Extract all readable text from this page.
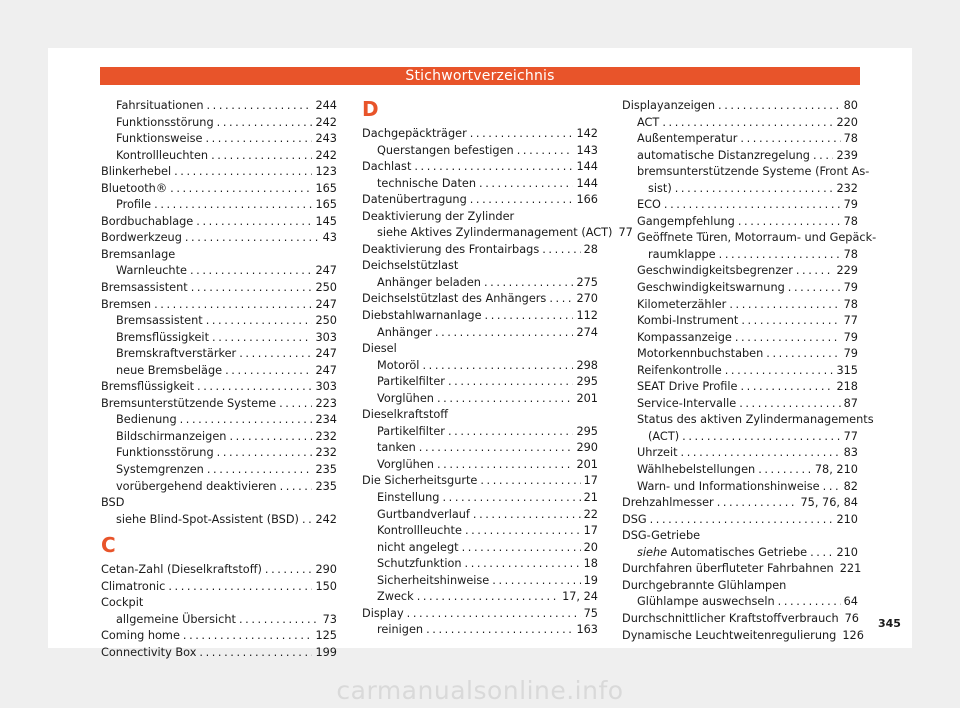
Stichwortverzeichnis
Fahrsituationen . . .	244
Funktionsstörung . . .	242
Funktionsweise . . .	243
Kontrollleuchten . . .	242
Blinkerhebel . . .	123
Bluetooth® . . .	165
Profile . . .	165
Bordbuchablage . . .	145
Bordwerkzeug . . .	43
Bremsanlage
Warnleuchte . . .	247
Bremsassistent . . .	250
Bremsen . . .	247
Bremsassistent . . .	250
Bremsflüssigkeit . . .	303
Bremskraftverstärker . . .	247
neue Bremsbeläge . . .	247
Bremsflüssigkeit . . .	303
Bremsunterstützende Systeme . . .	223
Bedienung . . .	234
Bildschirmanzeigen . . .	232
Funktionsstörung . . .	232
Systemgrenzen . . .	235
vorübergehend deaktivieren . . .	235
BSD
siehe Blind-Spot-Assistent (BSD) . . . 242
C
Cetan-Zahl (Dieselkraftstoff) . . .	290
Climatronic . . .	150
Cockpit
allgemeine Übersicht . . .	73
Coming home . . .	125
Connectivity Box . . .	199
D
Dachgepäckträger . . .	142
Querstangen befestigen . . .	143
Dachlast . . .	144
technische Daten . . .	144
Datenübertragung . . .	166
Deaktivierung der Zylinder
siehe Aktives Zylindermanagement (ACT) 77
Deaktivierung des Frontairbags . . .	28
Deichselstützlast
Anhänger beladen . . .	275
Deichselstützlast des Anhängers . . .	270
Diebstahlwarnanlage . . .	112
Anhänger . . .	274
Diesel
Motoröl . . .	298
Partikelfilter . . .	295
Vorglühen . . .	201
Dieselkraftstoff
Partikelfilter . . .	295
tanken . . .	290
Vorglühen . . .	201
Die Sicherheitsgurte . . .	17
Einstellung . . .	21
Gurtbandverlauf . . .	22
Kontrollleuchte . . .	17
nicht angelegt . . .	20
Schutzfunktion . . .	18
Sicherheitshinweise . . .	19
Zweck . . .	17, 24
Display . . .	75
reinigen . . .	163
Displayanzeigen . . .	80
ACT . . .	220
Außentemperatur . . .	78
automatische Distanzregelung . . . 239
bremsunterstützende Systeme (Front As-
sist) . . .	232
ECO . . .	79
Gangempfehlung . . .	78
Geöffnete Türen, Motorraum- und Gepäck-
raumklappe . . .	78
Geschwindigkeitsbegrenzer . . .	229
Geschwindigkeitswarnung . . .	79
Kilometerzähler . . .	78
Kombi-Instrument . . .	77
Kompassanzeige . . .	79
Motorkennbuchstaben . . .	79
Reifenkontrolle . . .	315
SEAT Drive Profile . . .	218
Service-Intervalle . . .	87
Status des aktiven Zylindermanagements
(ACT) . . .	77
Uhrzeit . . .	83
Wählhebelstellungen . . .	78, 210
Warn- und Informationshinweise . . . 82
Drehzahlmesser . . .	75, 76, 84
DSG . . .	210
DSG-Getriebe
siehe Automatisches Getriebe . . .	210
Durchfahren überfluteter Fahrbahnen 221
Durchgebrannte Glühlampen
Glühlampe auswechseln . . .	64
Durchschnittlicher Kraftstoffverbrauch 76
Dynamische Leuchtweitenregulierung 126
345
carmanualsonline.info
